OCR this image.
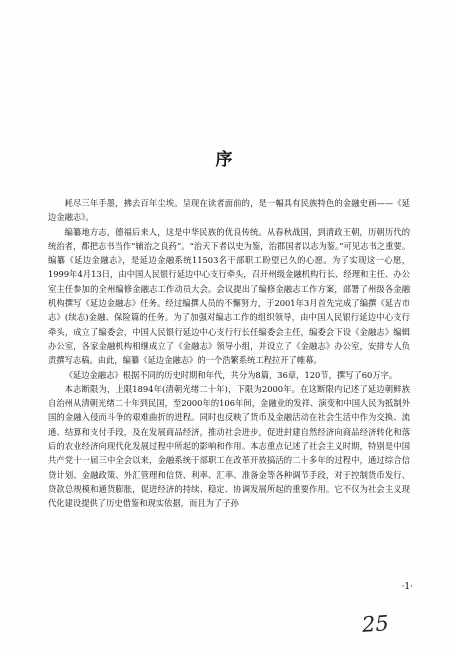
序

耗尽三年手墨，拂去百年尘埃。呈现在读者面前的，是一幅具有民族特色的金融史画——《延边金融志》。

编纂地方志，德福后来人，这是中华民族的优良传统。从春秋战国，到清政王朝，历朝历代的统治者，都把志书当作“辅治之良药”。“治天下者以史为鉴，治郡国者以志为鉴。”可见志书之重要。编纂《延边金融志》，是延边金融系统11503名干部职工盼望已久的心愿。为了实现这一心愿，1999年4月13日，由中国人民银行延边中心支行牵头，召开州级金融机构行长、经理和主任、办公室主任参加的全州编修金融志工作动员大会。会议提出了编修金融志工作方案，部署了州级各金融机构撰写《延边金融志》任务。经过编撰人员的不懈努力，于2001年3月首先完成了编撰《延吉市志》(续志)金融、保险篇的任务。为了加强对编志工作的组织领导，由中国人民银行延边中心支行牵头，成立了编委会，中国人民银行延边中心支行行长任编委会主任，编委会下设《金融志》编辑办公室，各家金融机构相继成立了《金融志》领导小组，并设立了《金融志》办公室，安排专人负责撰写志稿。由此，编纂《延边金融志》的一个浩繁系统工程拉开了帷幕。

《延边金融志》根据不同的历史时期和年代，共分为8篇，36章，120节，撰写了60万字。

本志断限为，上限1894年(清朝光绪二十年)，下限为2000年。在这断限内记述了延边朝鲜族自治州从清朝光绪二十年到民国，至2000年的106年间，金融业的发祥、演变和中国人民为抵制外国的金融入侵而斗争的艰难曲折的进程。同时也反映了货币及金融活动在社会生活中作为交换、流通、结算和支付手段，及在发展商品经济，推动社会进步，促进封建自然经济向商品经济转化和落后的农业经济向现代化发展过程中所起的影响和作用。本志重点记述了社会主义时期，特别是中国共产党十一届三中全会以来，金融系统干部职工在改革开放搞活的二十多年的过程中，通过综合信贷计划、金融政策、外汇管理和信贷、利率、汇率、准备金等各种调节手段，对于控制货币发行、贷款总规模和通货膨胀，促进经济的持续、稳定、协调发展所起的重要作用。它不仅为社会主义现代化建设提供了历史借鉴和现实依据，而且为了子孙

·1·
25
